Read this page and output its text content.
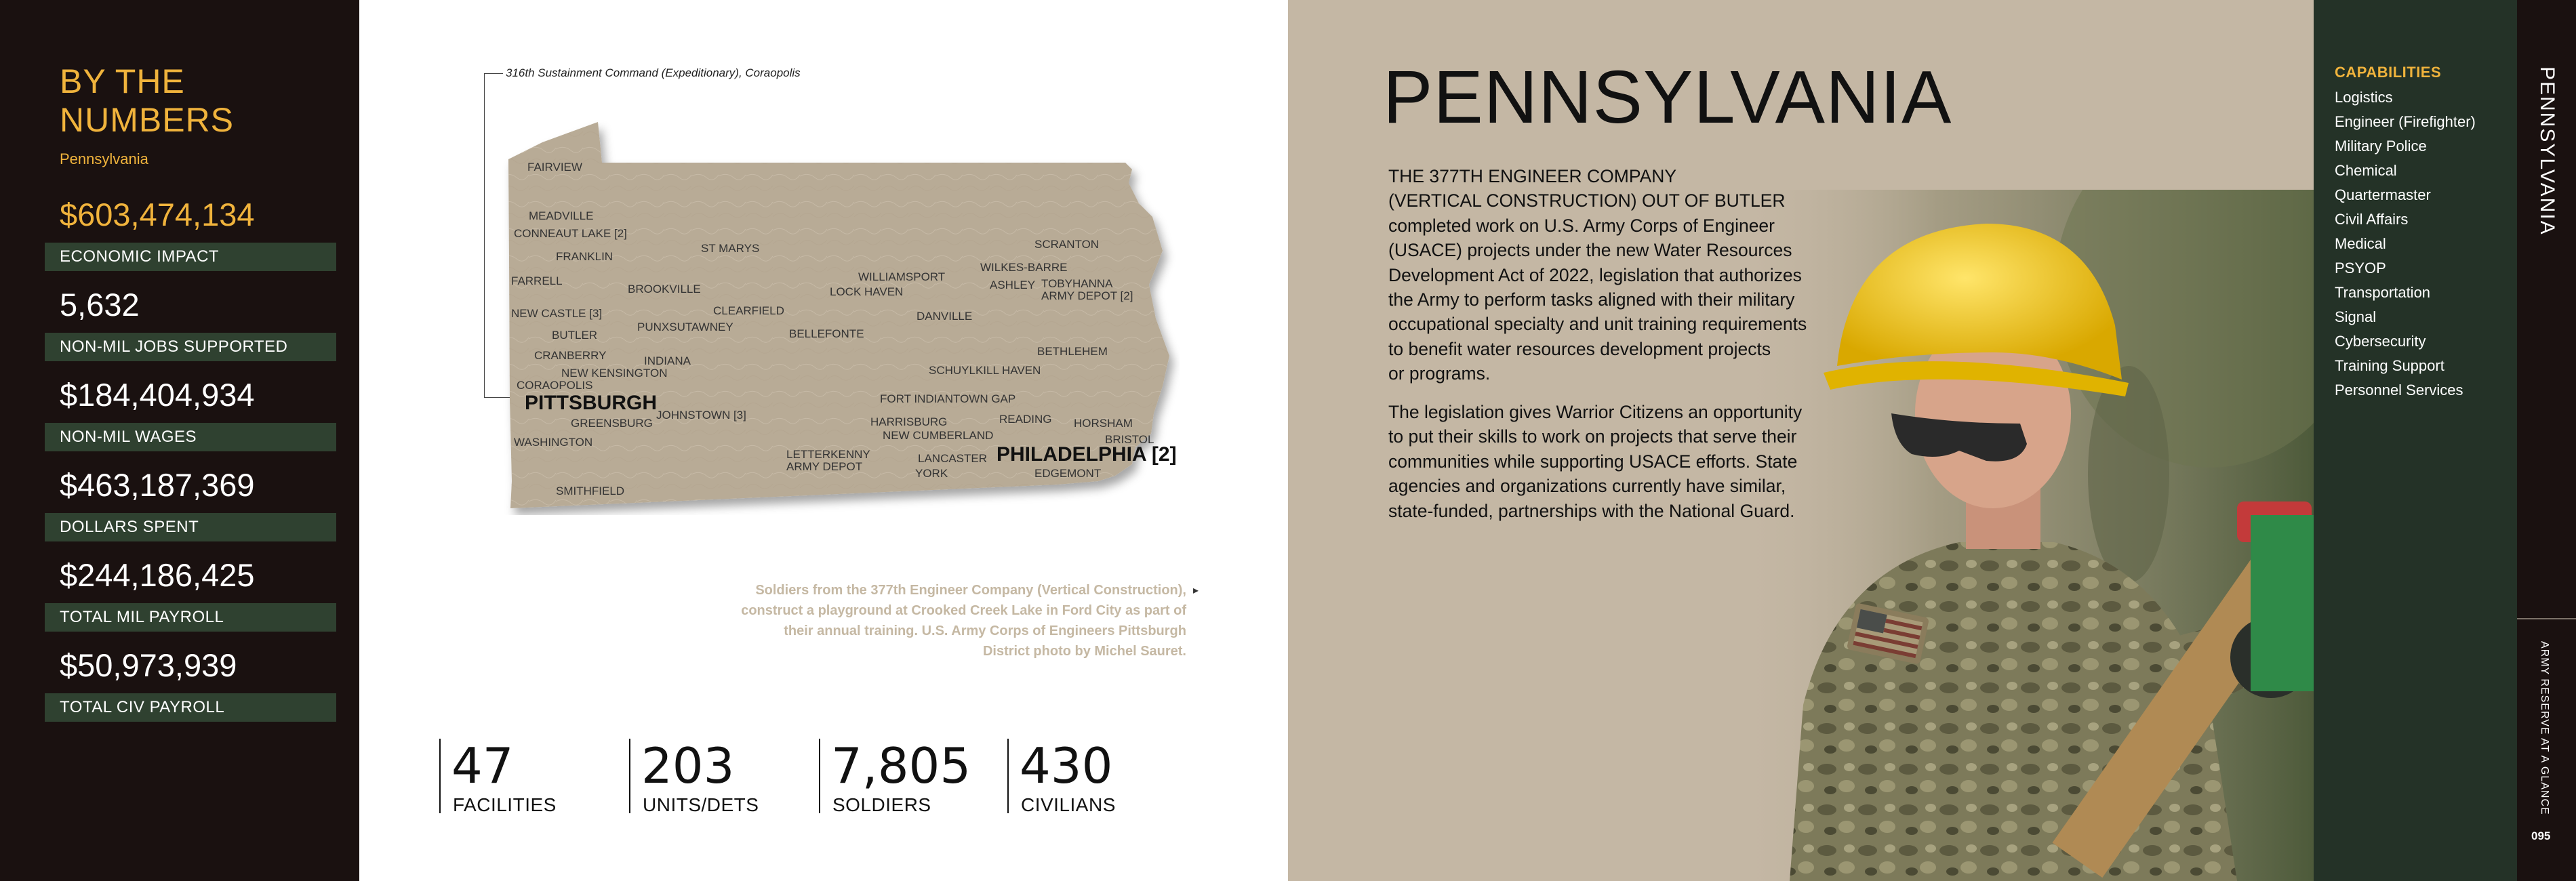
BY THE
NUMBERS
Pennsylvania
$603,474,134
ECONOMIC IMPACT
5,632
NON-MIL JOBS SUPPORTED
$184,404,934
NON-MIL WAGES
$463,187,369
DOLLARS SPENT
$244,186,425
TOTAL MIL PAYROLL
$50,973,939
TOTAL CIV PAYROLL
316th Sustainment Command (Expeditionary), Coraopolis
FAIRVIEW
MEADVILLE
CONNEAUT LAKE [2]
FRANKLIN
FARRELL
ST MARYS
BROOKVILLE
NEW CASTLE [3]	CLEARFIELD
PUNXSUTAWNEY
BUTLER
CRANBERRY	INDIANA
NEW KENSINGTON
CORAOPOLIS
PITTSBURGH
GREENSBURG
JOHNSTOWN [3]
WASHINGTON
SMITHFIELD
WILLIAMSPORT
LOCK HAVEN
BELLEFONTE
DANVILLE
SCRANTON
WILKES-BARRE
ASHLEY TOBYHANNA
ARMY DEPOT [2]
BETHLEHEM
SCHUYLKILL HAVEN
FORT INDIANTOWN GAP
HARRISBURG
NEW CUMBERLAND
READING HORSHAM
BRISTOL
LETTERKENNY
ARMY DEPOT
LANCASTER
YORK
PHILADELPHIA [2]
EDGEMONT
Soldiers from the 377th Engineer Company (Vertical Construction), construct a playground at Crooked Creek Lake in Ford City as part of their annual training. U.S. Army Corps of Engineers Pittsburgh District photo by Michel Sauret.
▸
47
FACILITIES
203
UNITS/DETS
7,805
SOLDIERS
430
CIVILIANS
PENNSYLVANIA
THE 377TH ENGINEER COMPANY
(VERTICAL CONSTRUCTION) OUT OF BUTLER
completed work on U.S. Army Corps of Engineer
(USACE) projects under the new Water Resources
Development Act of 2022, legislation that authorizes
the Army to perform tasks aligned with their military
occupational specialty and unit training requirements
to benefit water resources development projects
or programs.
The legislation gives Warrior Citizens an opportunity
to put their skills to work on projects that serve their
communities while supporting USACE efforts. State
agencies and organizations currently have similar,
state-funded, partnerships with the National Guard.
CAPABILITIES
Logistics
Engineer (Firefighter)
Military Police
Chemical
Quartermaster
Civil Affairs
Medical
PSYOP
Transportation
Signal
Cybersecurity
Training Support
Personnel Services
PENNSYLVANIA
ARMY RESERVE AT A GLANCE
095
